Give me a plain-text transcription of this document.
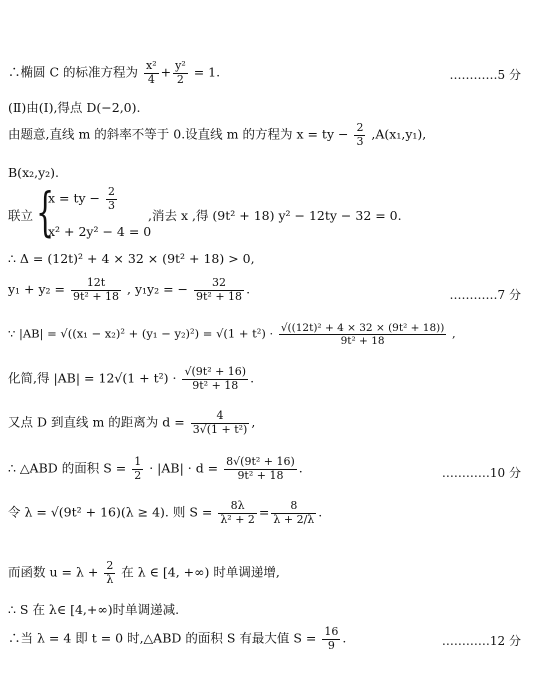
∴椭圆 C 的标准方程为 $\frac{\text{x²}}{4} + \frac{\text{y²}}{2} = 1$.	…………5 分
(Ⅱ)由(Ⅰ),得点 D(−2,0).
由题意,直线 m 的斜率不等于 0.设直线 m 的方程为 x = ty − $\frac{2}{3} ,A(x_1,y_1)$,
B(x₂,y₂).
联立 {
x = ty − $\frac{2}{3}$
x² + 2y² − 4 = 0
,消去 x ,得 (9t² + 18) y² − 12ty − 32 = 0.
∴ Δ = (12t)² + 4 × 32 × (9t² + 18) > 0,
$y_1 + y_2 = \frac{12t}{\text{9t² + 18}}$ , y₁y₂ = − $\frac{32}{\text{9t² + 18}}$ .	…………7 分
∵ $|AB| = √((x_1 - x_2)^2 + (y_1 - y_2)^2) = √(1 + t^2) \cdot \frac{\text{√((12t)² + 4 × 32 × (9t² + 18))}}{\text{9t² + 18}}$ ,
化简,得 $|AB| = 12√(1 + t^2) \cdot \frac{\text{√(9t² + 16)}}{\text{9t² + 18}}$ .
又点 D 到直线 m 的距离为 $d = \frac{4}{\text{3√(1 + t²)}}$ ,
∴ △ABD 的面积 $S = \frac{1}{2} \cdot |AB| \cdot d = \frac{\text{8√(9t² + 16)}}{\text{9t² + 18}}$ .	…………10 分
令 λ = √(9t² + 16)(λ ≥ 4). 则 $S = \frac{8\lambda}{\text{λ² + 2}} = \frac{8}{\lambda + 2/\lambda}$ .
而函数 $u = \lambda + \frac{2}{\lambda}$ 在 λ ∈ [4, +∞) 时单调递增,
∴ S 在 λ∈ [4,+∞)时单调递减.
∴当 λ = 4 即 t = 0 时,△ABD 的面积 S 有最大值 $S = \frac{16}{9}$ .	…………12 分
